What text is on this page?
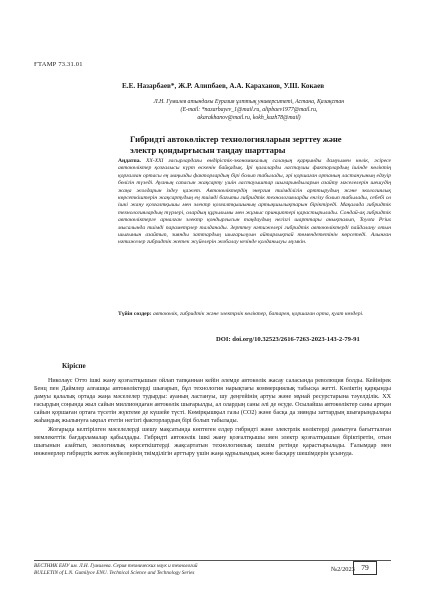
ҒТАМР 73.31.01
Е.Е. Назарбаев*, Ж.Р. Алипбаев, А.А. Караханов, У.Ш. Кокаев
Л.Н. Гумилев атындағы Еуразия ұлттық университеті, Астана, Қазақстан
(E-mail: *nazarbayev_1@mail.ru, alipbaev1977@mail.ru,
akarakhanov@mail.ru, kokh_kuzh78@mail)
Гибридті автокөліктер технологияларын зерттеу және
электр қондырғысын таңдау шарттары
Аңдатпа. XX-XXI ғасырлардағы өндірістік-экономикалық салаңың қарқынды дамуымен көлік, әсіресе автокөліктер қозғалысы күрт өскенін байқадық. Ірі қалаларды ластаушы факторлардың ішінде көліктің қорғалған ортасы ең маңызды факторлардың бірі болып табылады, әрі қоршаған ортаның ластануының едәуір бөлігін түзеді. Ауаның сапасын жақсарту үшін ластауыштар шығарындыларын азайту мәселелерін шешудің жаңа жолдарын іздеу қажет. Автокөліктердің энергия тиімділігін арттырудың және экологиялық көрсеткіштерін жақсартудың ең тиімді бағыты гибридтік технологияларды енгізу болып табылады, себебі ол ішкі жану қозғалтқышы мен электр қозғалтқышының артықшылықтарын біріктіреді. Мақалада гибридтік технологиялардың түрлері, олардың құрылымы мен жұмыс принциптері қарастырылады. Сондай-ақ гибридтік автокөліктерге арналған электр қондырғысын таңдаудың негізгі шарттары анықталып, Toyota Prius мысалында тиімді параметрлер талданады. Зерттеу нәтижелері гибридтік автокөліктерді пайдалану отын шығынын азайтып, зиянды заттардың шығарылуын айтарлықтай төмендететінін көрсетеді. Алынған нәтижелер гибридтік жетек жүйелерін жобалау кезінде қолданылуы мүмкін.
Түйін сөздер: автокөлік, гибридтік және электрлік көліктер, батарея, қоршаған орта, қуат көздері.
DOI: doi.org/10.32523/2616-7263-2023-143-2-79-91
Кіріспе

Николаус Отто ішкі жану қозғалтқышын ойлап тапқаннан кейін әлемде автокөлік жасау саласында революция болды. Кейінірек Бенц пен Даймлер алғашқы автокөліктерді шығарып, бұл технология нарықтағы коммерциялық табысқа жетті. Көліктің қарқынды дамуы қалалық ортада жаңа мәселелер тудырды: ауаның ластануы, шу деңгейінің артуы және мұнай ресурстарына тәуелділік. XX ғасырдың соңында жыл сайын миллиондаған автокөлік шығарылды, ал олардың саны әлі де өсуде. Осылайша автокөліктер саны артқан сайын қоршаған ортаға түсетін жүктеме де күшейе түсті. Көмірқышқыл газы (CO2) және басқа да зиянды заттардың шығарындылары жаһандық жылынуға ықпал ететін негізгі факторлардың бірі болып табылады.

Жоғарыда келтірілген мәселелерді шешу мақсатында көптеген елдер гибридті және электрлік көліктерді дамытуға бағытталған мемлекеттік бағдарламалар қабылдады. Гибридті автокөлік ішкі жану қозғалтқышы мен электр қозғалтқышын біріктіретін, отын шығынын азайтып, экологиялық көрсеткіштерді жақсартатын технологиялық шешім ретінде қарастырылады. Ғалымдар мен инженерлер гибридтік жетек жүйелерінің тиімділігін арттыру үшін жаңа құрылымдық және басқару шешімдерін ұсынуда.

ВЕСТНИК ЕНУ им. Л.Н. Гумилева. Серия технических наук и технологий
BULLETIN of L.N. Gumilyov ENU. Technical Science and Technology Series	№2/2023 79
